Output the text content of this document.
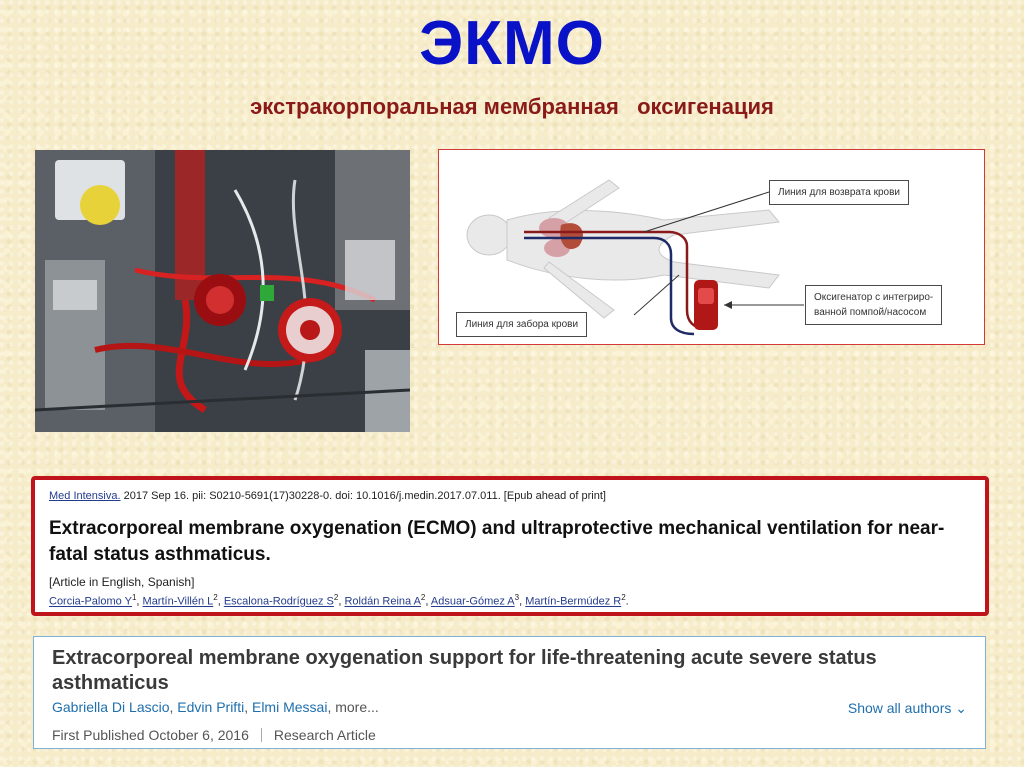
ЭКМО
экстракорпоральная мембранная   оксигенация
Линия для возврата крови
Оксигенатор с интегриро-
ванной помпой/насосом
Линия для забора крови
Med Intensiva. 2017 Sep 16. pii: S0210-5691(17)30228-0. doi: 10.1016/j.medin.2017.07.011. [Epub ahead of print]
Extracorporeal membrane oxygenation (ECMO) and ultraprotective mechanical ventilation for near-fatal status asthmaticus.
[Article in English, Spanish]
Corcia-Palomo $Y^1$, Martín-Villén $L^2$, Escalona-Rodríguez $S^2$, Roldán Reina $A^2$, Adsuar-Gómez $A^3$, Martín-Bermúdez $R^2$.
Extracorporeal membrane oxygenation support for life-threatening acute severe status asthmaticus
Gabriella Di Lascio, Edvin Prifti, Elmi Messai, more...	Show all authors ⌄
First Published October 6, 2016 Research Article
